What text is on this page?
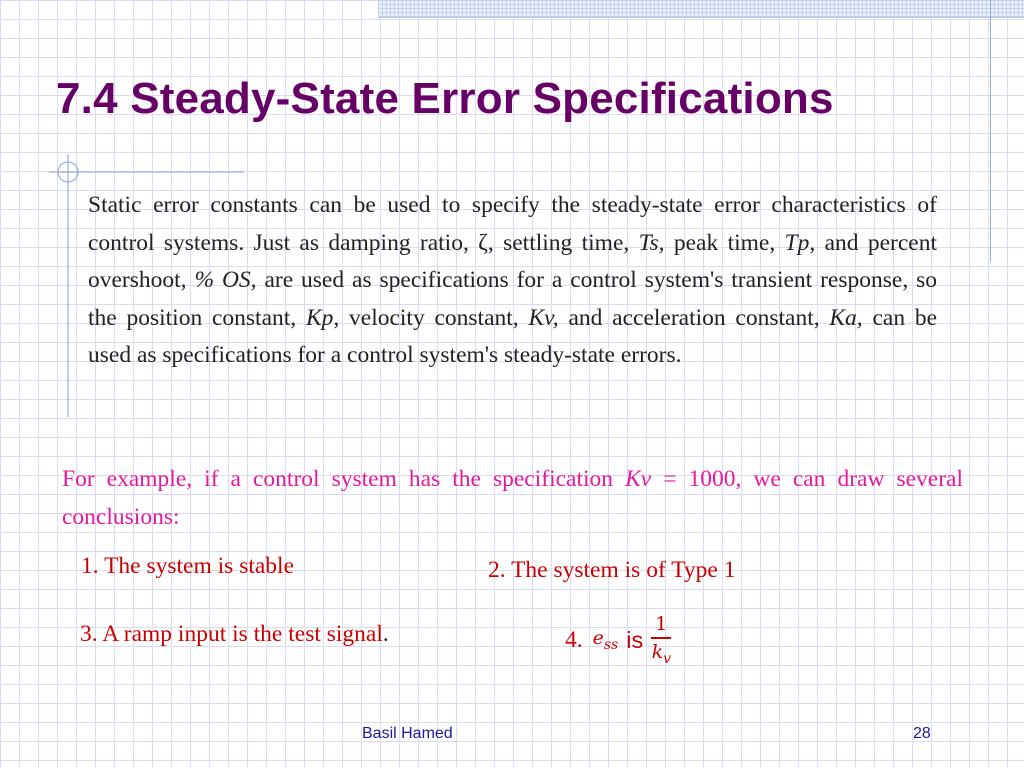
7.4 Steady-State Error Specifications

Static error constants can be used to specify the steady-state error characteristics of control systems. Just as damping ratio, ζ, settling time, Ts, peak time, Tp, and percent overshoot, % OS, are used as specifications for a control system's transient response, so the position constant, Kp, velocity constant, Kv, and acceleration constant, Ka, can be used as specifications for a control system's steady-state errors.

For example, if a control system has the specification Kv = 1000, we can draw several conclusions:

1. The system is stable	2. The system is of Type 1

3. A ramp input is the test signal.	4. $e_{ss}$ is $\frac{1}{k_v}$

Basil Hamed	28
